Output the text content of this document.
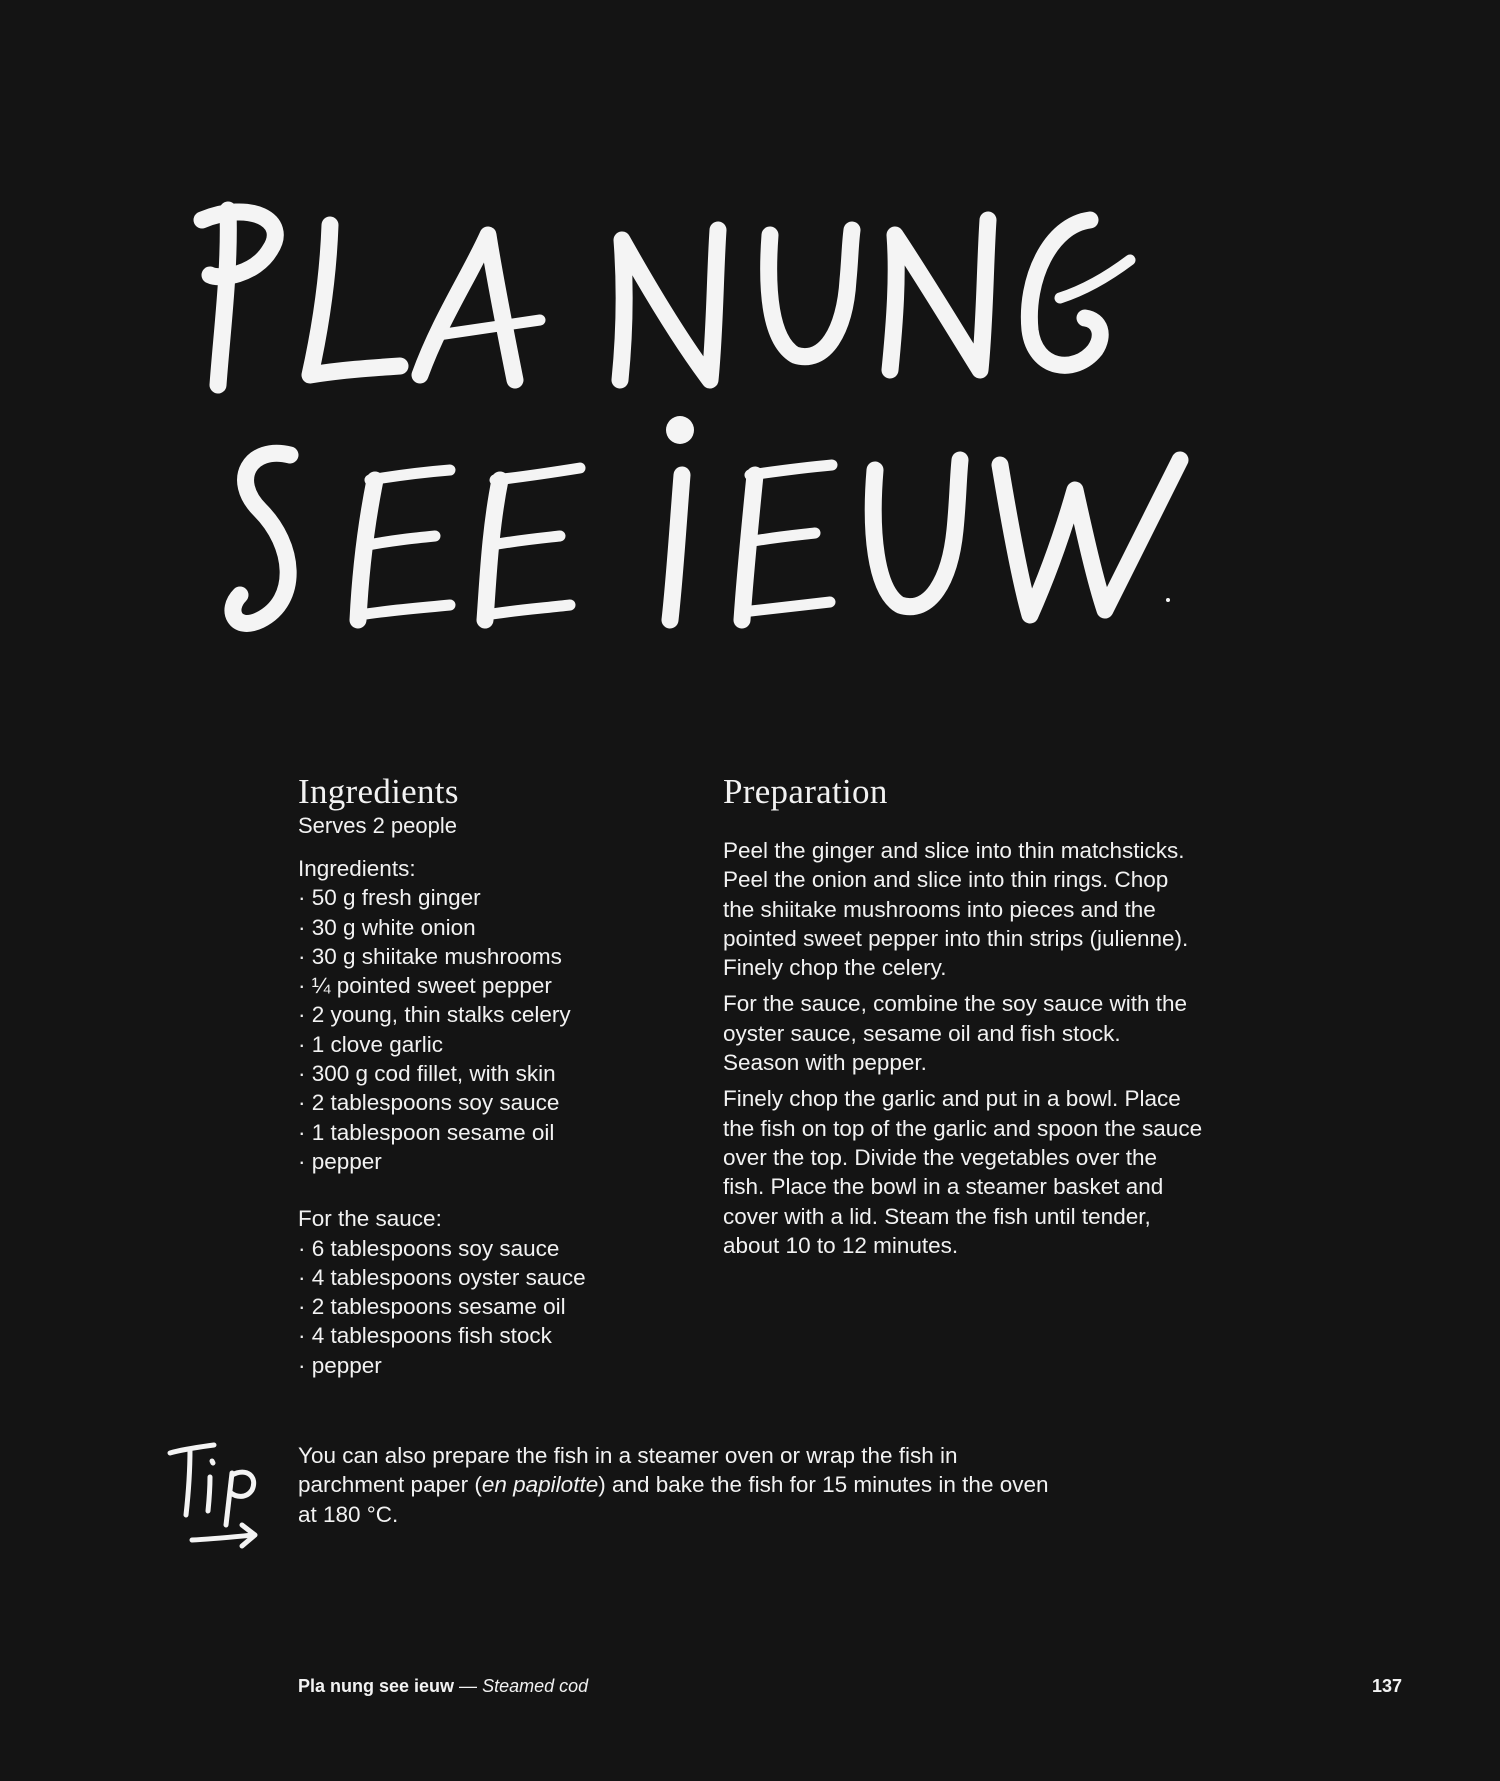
Ingredients
Serves 2 people
Ingredients:
· 50 g fresh ginger
· 30 g white onion
· 30 g shiitake mushrooms
· ¼ pointed sweet pepper
· 2 young, thin stalks celery
· 1 clove garlic
· 300 g cod fillet, with skin
· 2 tablespoons soy sauce
· 1 tablespoon sesame oil
· pepper
For the sauce:
· 6 tablespoons soy sauce
· 4 tablespoons oyster sauce
· 2 tablespoons sesame oil
· 4 tablespoons fish stock
· pepper
Preparation

Peel the ginger and slice into thin matchsticks. Peel the onion and slice into thin rings. Chop the shiitake mushrooms into pieces and the pointed sweet pepper into thin strips (julienne). Finely chop the celery.

For the sauce, combine the soy sauce with the oyster sauce, sesame oil and fish stock. Season with pepper.

Finely chop the garlic and put in a bowl. Place the fish on top of the garlic and spoon the sauce over the top. Divide the vegetables over the fish. Place the bowl in a steamer basket and cover with a lid. Steam the fish until tender, about 10 to 12 minutes.

You can also prepare the fish in a steamer oven or wrap the fish in parchment paper (en papilotte) and bake the fish for 15 minutes in the oven at 180 °C.
Pla nung see ieuw — Steamed cod	137
